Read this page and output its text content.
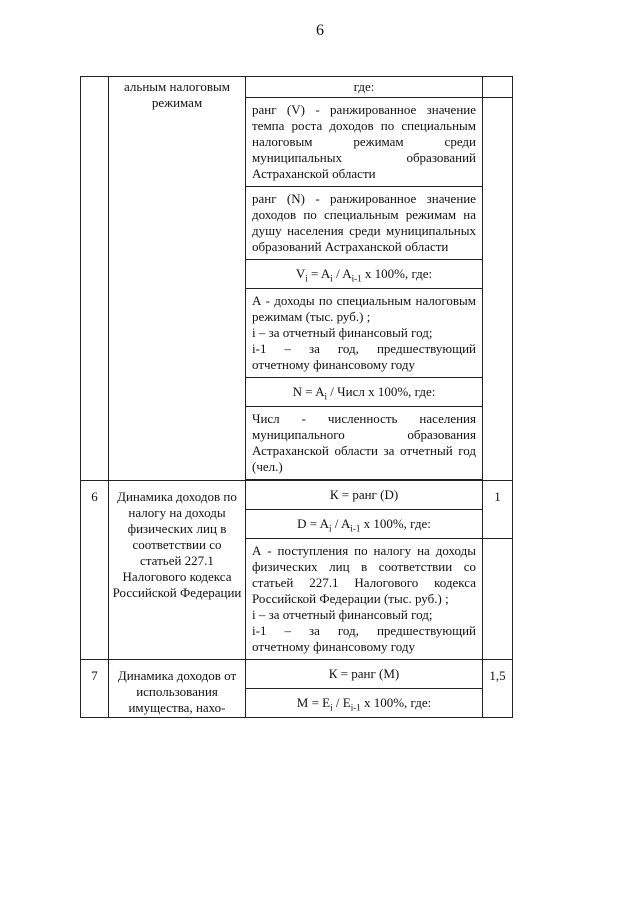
6
	альным налоговым режимам	где:	
		ранг (V) - ранжированное значение темпа роста доходов по специальным налоговым режимам среди муниципальных образований Астраханской области	
		ранг (N) - ранжированное значение доходов по специальным режимам на душу населения среди муниципальных образований Астраханской области	
		$V_i = A_i / A_{i-1}$ х 100%, где:	

		А - доходы по специальным налоговым режимам (тыс. руб.) ;
i – за отчетный финансовый год;
i-1 – за год, предшествующий отчетному финансовому году	

		$N = A_i$ / Числ х 100%, где:	
		Числ - численность населения муниципального образования Астраханской области за отчетный год (чел.)	

6	Динамика доходов по налогу на доходы физических лиц в соответствии со статьей 227.1 Налогового кодекса Российской Федерации	К = ранг (D)	1
		$D = A_i / A_{i-1}$ х 100%, где:	

		А - поступления по налогу на доходы физических лиц в соответствии со статьей 227.1 Налогового кодекса Российской Федерации (тыс. руб.) ;
i – за отчетный финансовый год;
i-1 – за год, предшествующий отчетному финансовому году	

7	Динамика доходов от использования имущества, нахо-	К = ранг (М)	1,5
		$M = E_i / E_{i-1}$ х 100%, где:	
